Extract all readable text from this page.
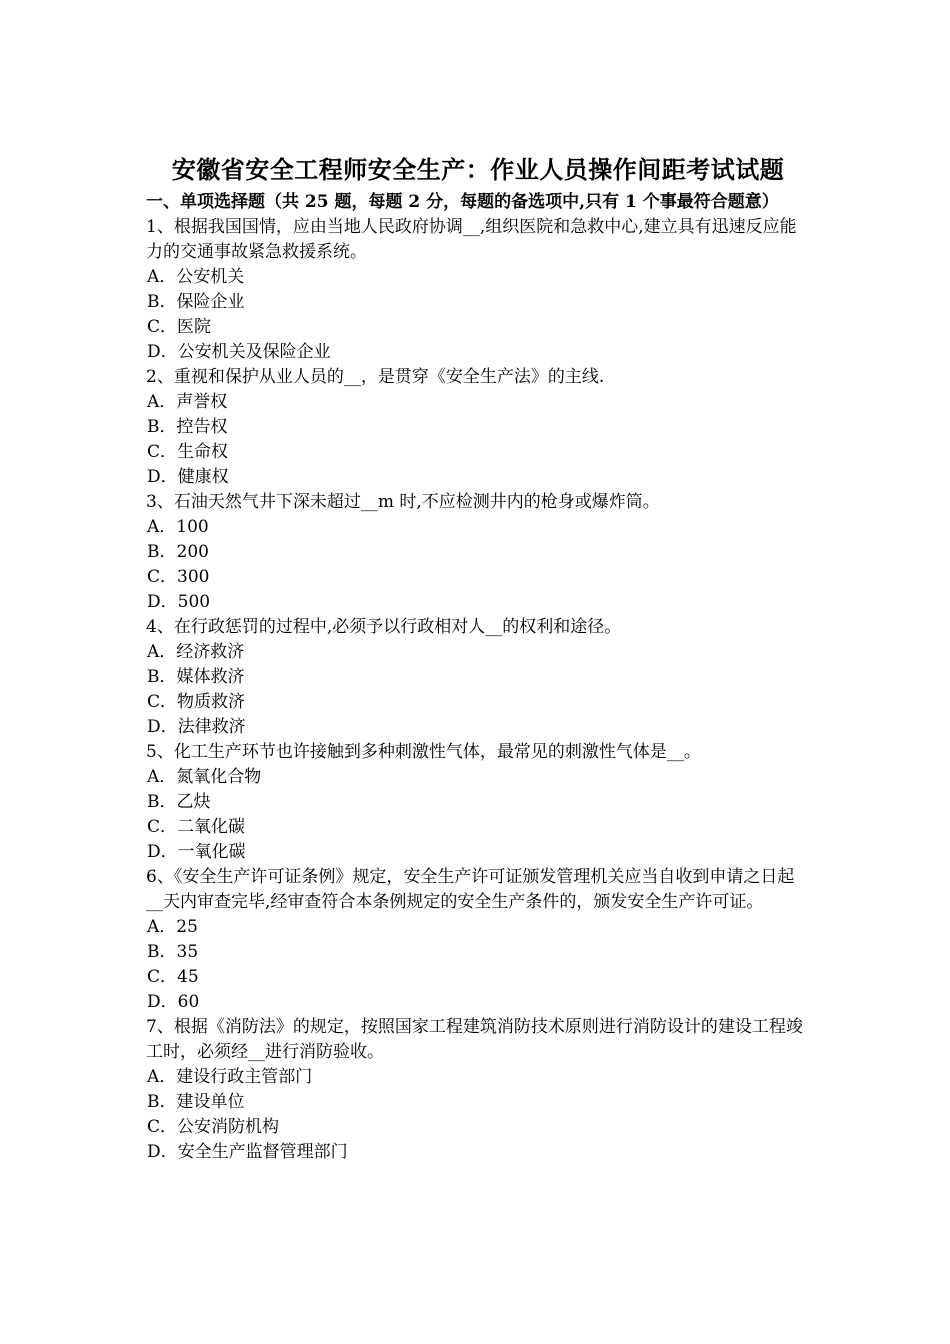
安徽省安全工程师安全生产：作业人员操作间距考试试题

一、单项选择题（共 25 题，每题 2 分，每题的备选项中,只有 1 个事最符合题意）

1、根据我国国情，应由当地人民政府协调__,组织医院和急救中心,建立具有迅速反应能力的交通事故紧急救援系统。

A．公安机关
B．保险企业
C．医院
D．公安机关及保险企业

2、重视和保护从业人员的__，是贯穿《安全生产法》的主线.

A．声誉权
B．控告权
C．生命权
D．健康权

3、石油天然气井下深未超过__m 时,不应检测井内的枪身或爆炸筒。

A．100
B．200
C．300
D．500

4、在行政惩罚的过程中,必须予以行政相对人__的权利和途径。

A．经济救济
B．媒体救济
C．物质救济
D．法律救济

5、化工生产环节也许接触到多种刺激性气体，最常见的刺激性气体是__。

A．氮氧化合物
B．乙炔
C．二氧化碳
D．一氧化碳

6、《安全生产许可证条例》规定，安全生产许可证颁发管理机关应当自收到申请之日起__天内审查完毕,经审查符合本条例规定的安全生产条件的，颁发安全生产许可证。

A．25
B．35
C．45
D．60

7、根据《消防法》的规定，按照国家工程建筑消防技术原则进行消防设计的建设工程竣工时，必须经__进行消防验收。

A．建设行政主管部门
B．建设单位
C．公安消防机构
D．安全生产监督管理部门
